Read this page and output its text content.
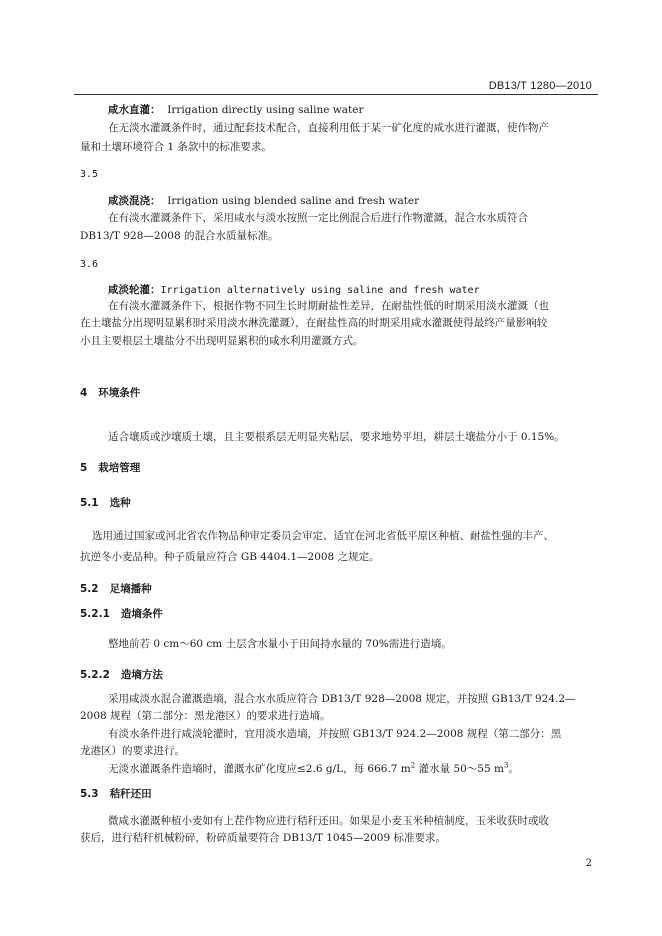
DB13/T 1280—2010
咸水直灌： Irrigation directly using saline water
在无淡水灌溉条件时，通过配套技术配合，直接利用低于某一矿化度的咸水进行灌溉，使作物产
量和土壤环境符合 1 条款中的标准要求。
3.5
咸淡混浇： Irrigation using blended saline and fresh water
在有淡水灌溉条件下，采用咸水与淡水按照一定比例混合后进行作物灌溉，混合水水质符合
DB13/T 928—2008 的混合水质量标准。
3.6
咸淡轮灌：Irrigation alternatively using saline and fresh water
在有淡水灌溉条件下，根据作物不同生长时期耐盐性差异，在耐盐性低的时期采用淡水灌溉（也
在土壤盐分出现明显累积时采用淡水淋洗灌溉），在耐盐性高的时期采用咸水灌溉使得最终产量影响较
小且主要根层土壤盐分不出现明显累积的咸水利用灌溉方式。
4 环境条件
适合壤质或沙壤质土壤，且主要根系层无明显夹粘层，要求地势平坦，耕层土壤盐分小于 0.15%。
5 栽培管理
5.1 选种
选用通过国家或河北省农作物品种审定委员会审定、适宜在河北省低平原区种植、耐盐性强的丰产、
抗逆冬小麦品种。种子质量应符合 GB 4404.1—2008 之规定。
5.2 足墒播种
5.2.1 造墒条件
整地前若 0 cm～60 cm 土层含水量小于田间持水量的 70%需进行造墒。
5.2.2 造墒方法
采用咸淡水混合灌溉造墒，混合水水质应符合 DB13/T 928—2008 规定，并按照 GB13/T 924.2—
2008 规程（第二部分：黑龙港区）的要求进行造墒。
有淡水条件进行咸淡轮灌时，宜用淡水造墒，并按照 GB13/T 924.2—2008 规程（第二部分：黑
龙港区）的要求进行。
无淡水灌溉条件造墒时，灌溉水矿化度应≤2.6 g/L，每 666.7 $m^2$ 灌水量 50～55 $m^3$。
5.3 秸秆还田
微咸水灌溉种植小麦如有上茬作物应进行秸秆还田。如果是小麦玉米种植制度，玉米收获时或收
获后，进行秸秆机械粉碎，粉碎质量要符合 DB13/T 1045—2009 标准要求。
2
